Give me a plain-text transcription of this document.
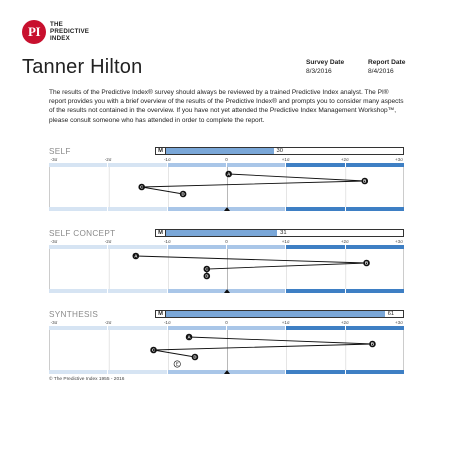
PI	THE
PREDICTIVE
INDEX
Tanner Hilton	Survey Date
8/3/2016
Report Date
8/4/2016
The results of the Predictive Index® survey should always be reviewed by a trained Predictive Index analyst. The PI® report provides you with a brief overview of the results of the Predictive Index® and prompts you to consider many aspects of the results not contained in the overview. If you have not yet attended the Predictive Index Management Workshop™, please consult someone who has attended in order to complete the report.
SELF	M	30
-3σ	-2σ	-1σ	0	+1σ	+2σ	+3σ
A
B
C
D
SELF CONCEPT	M	31
-3σ	-2σ	-1σ	0	+1σ	+2σ	+3σ
A
B
C
D
SYNTHESIS	M	61
-3σ	-2σ	-1σ	0	+1σ	+2σ	+3σ
A
B
C
D
E
© The Predictive Index 1955 - 2016
